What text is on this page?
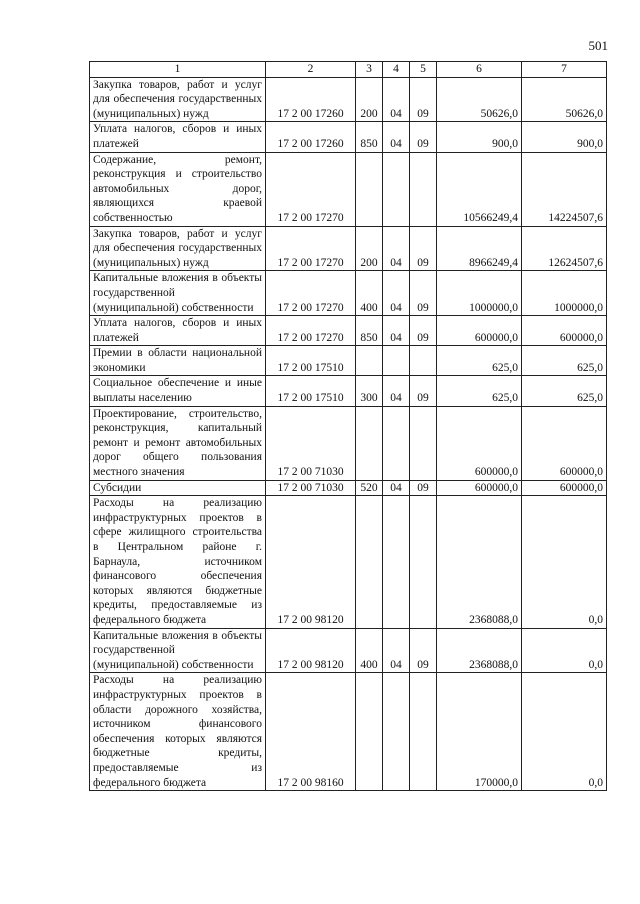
501
1	2	3	4	5	6	7
Закупка товаров, работ и услуг для обеспечения государственных (муниципальных) нужд	17 2 00 17260	200	04	09	50626,0	50626,0
Уплата налогов, сборов и иных платежей	17 2 00 17260	850	04	09	900,0	900,0
Содержание, ремонт, реконструкция и строительство автомобильных дорог, являющихся краевой собственностью	17 2 00 17270				10566249,4	14224507,6
Закупка товаров, работ и услуг для обеспечения государственных (муниципальных) нужд	17 2 00 17270	200	04	09	8966249,4	12624507,6
Капитальные вложения в объекты государственной (муниципальной) собственности	17 2 00 17270	400	04	09	1000000,0	1000000,0
Уплата налогов, сборов и иных платежей	17 2 00 17270	850	04	09	600000,0	600000,0
Премии в области национальной экономики	17 2 00 17510				625,0	625,0
Социальное обеспечение и иные выплаты населению	17 2 00 17510	300	04	09	625,0	625,0
Проектирование, строительство, реконструкция, капитальный ремонт и ремонт автомобильных дорог общего пользования местного значения	17 2 00 71030				600000,0	600000,0
Субсидии	17 2 00 71030	520	04	09	600000,0	600000,0
Расходы на реализацию инфраструктурных проектов в сфере жилищного строительства в Центральном районе г. Барнаула, источником финансового обеспечения которых являются бюджетные кредиты, предоставляемые из федерального бюджета	17 2 00 98120				2368088,0	0,0
Капитальные вложения в объекты государственной (муниципальной) собственности	17 2 00 98120	400	04	09	2368088,0	0,0
Расходы на реализацию инфраструктурных проектов в области дорожного хозяйства, источником финансового обеспечения которых являются бюджетные кредиты, предоставляемые из федерального бюджета	17 2 00 98160				170000,0	0,0
